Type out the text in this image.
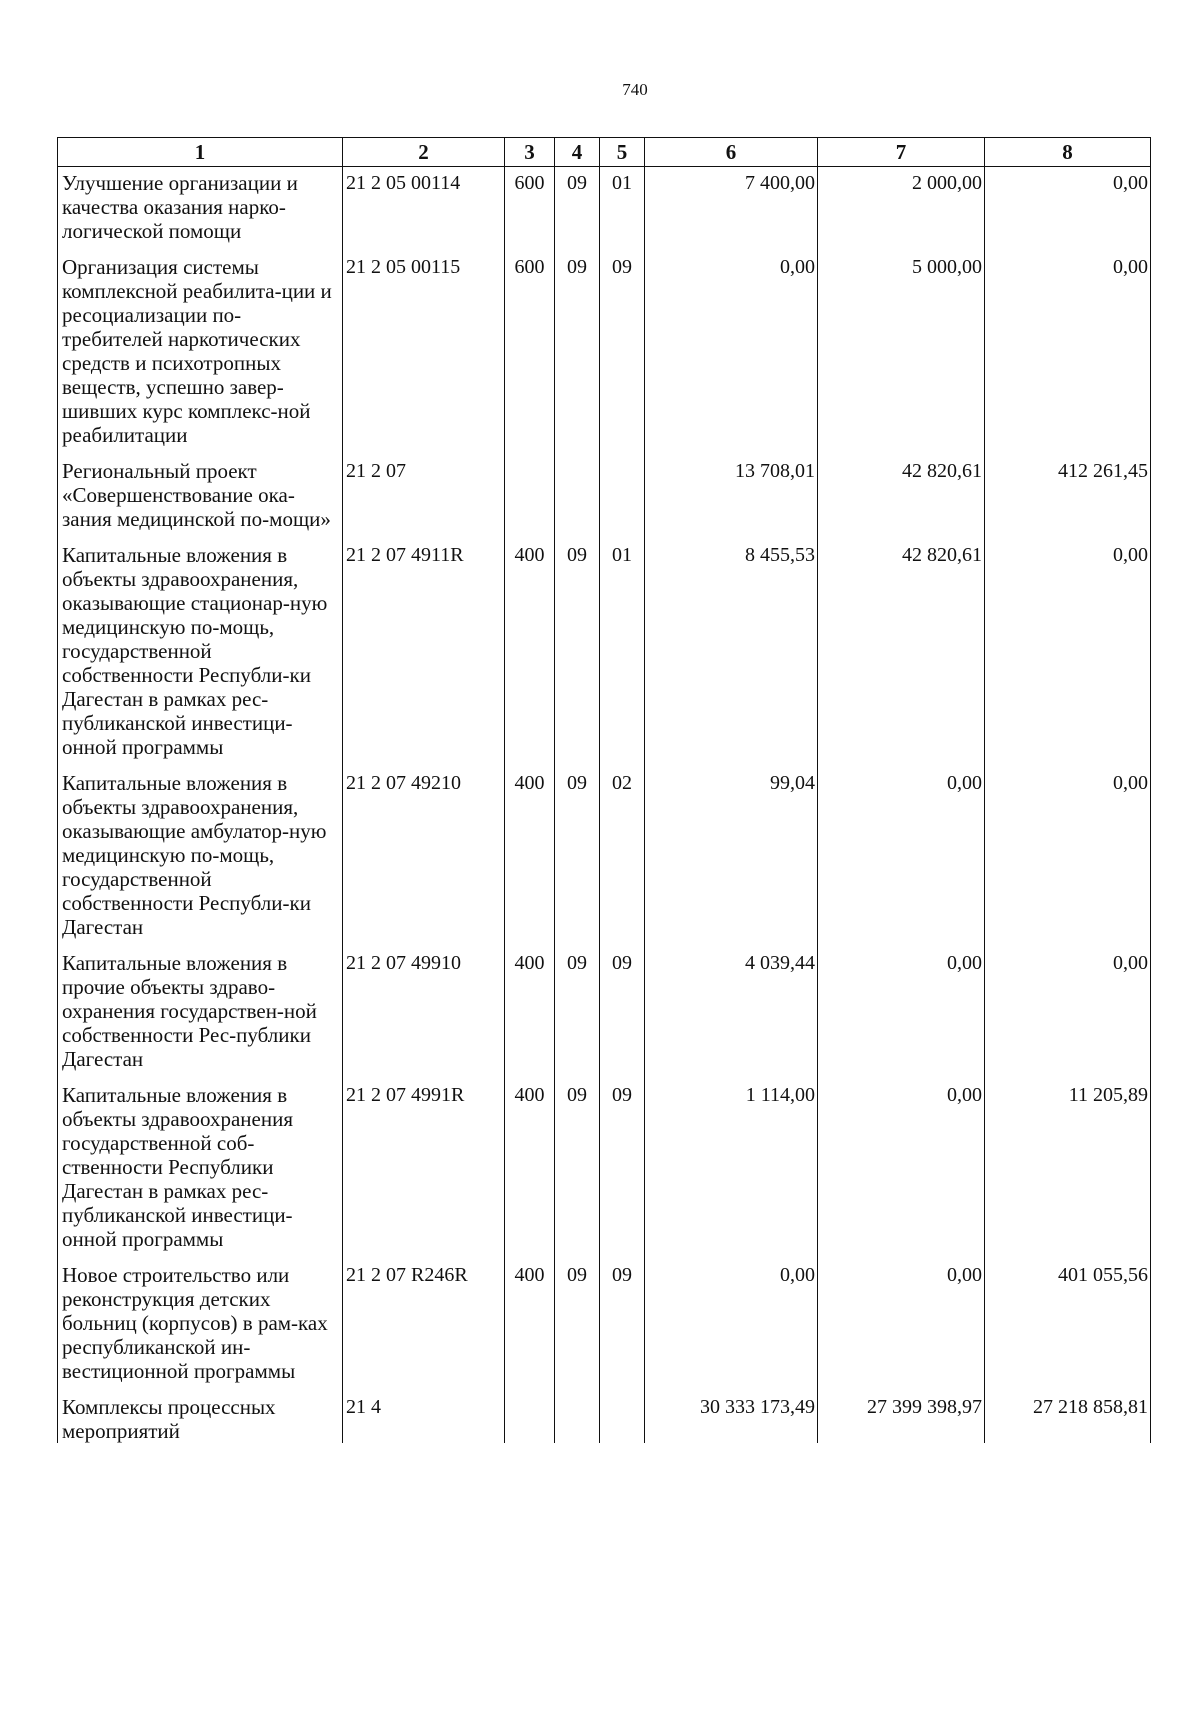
740
1	2	3	4	5	6	7	8
Улучшение организации и качества оказания нарко-логической помощи	21 2 05 00114	600	09	01	7 400,00	2 000,00	0,00

Организация системы комплексной реабилита-ции и ресоциализации по-требителей наркотических средств и психотропных веществ, успешно завер-шивших курс комплекс-ной реабилитации	21 2 05 00115	600	09	09	0,00	5 000,00	0,00

Региональный проект «Совершенствование ока-зания медицинской по-мощи»	21 2 07				13 708,01	42 820,61	412 261,45

Капитальные вложения в объекты здравоохранения, оказывающие стационар-ную медицинскую по-мощь, государственной собственности Республи-ки Дагестан в рамках рес-публиканской инвестици-онной программы	21 2 07 4911R	400	09	01	8 455,53	42 820,61	0,00

Капитальные вложения в объекты здравоохранения, оказывающие амбулатор-ную медицинскую по-мощь, государственной собственности Республи-ки Дагестан	21 2 07 49210	400	09	02	99,04	0,00	0,00

Капитальные вложения в прочие объекты здраво-охранения государствен-ной собственности Рес-публики Дагестан	21 2 07 49910	400	09	09	4 039,44	0,00	0,00

Капитальные вложения в объекты здравоохранения государственной соб-ственности Республики Дагестан в рамках рес-публиканской инвестици-онной программы	21 2 07 4991R	400	09	09	1 114,00	0,00	11 205,89

Новое строительство или реконструкция детских больниц (корпусов) в рам-ках республиканской ин-вестиционной программы	21 2 07 R246R	400	09	09	0,00	0,00	401 055,56

Комплексы процессных мероприятий	21 4				30 333 173,49	27 399 398,97	27 218 858,81
